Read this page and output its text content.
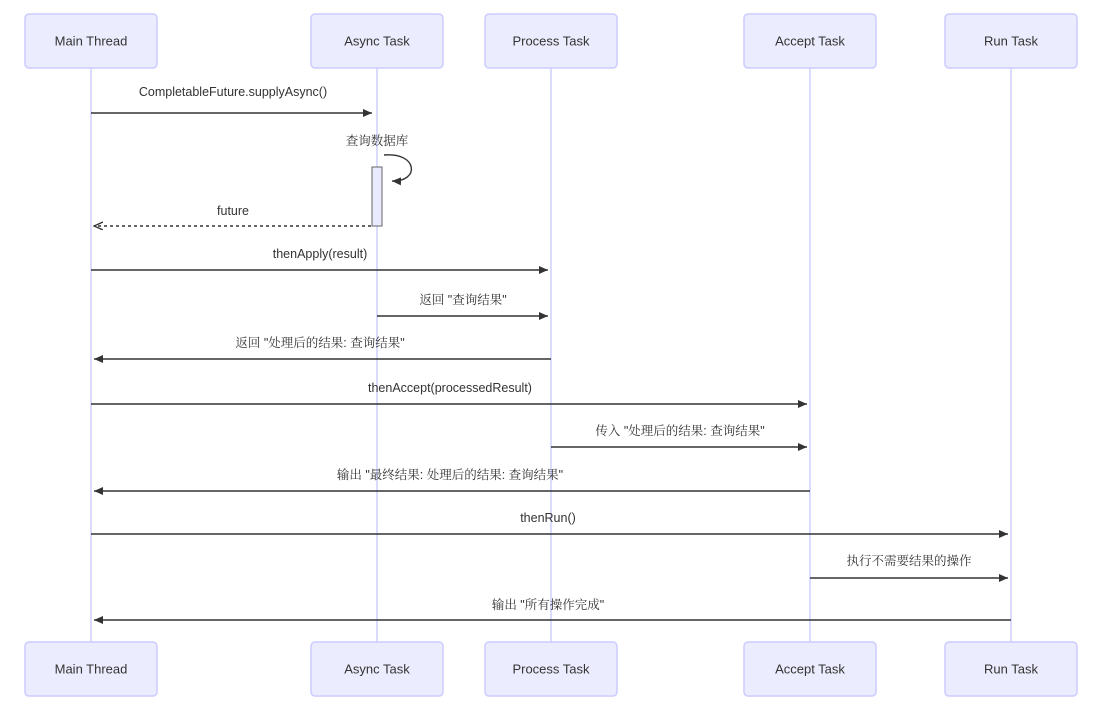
Main Thread	Async Task	Process Task	Accept Task	Run Task
Main Thread	Async Task	Process Task	Accept Task	Run Task
CompletableFuture.supplyAsync()
查询数据库
future
thenApply(result)
返回 "查询结果"
返回 "处理后的结果: 查询结果"
thenAccept(processedResult)
传入 "处理后的结果: 查询结果"
输出 "最终结果: 处理后的结果: 查询结果"
thenRun()
执行不需要结果的操作
输出 "所有操作完成"
